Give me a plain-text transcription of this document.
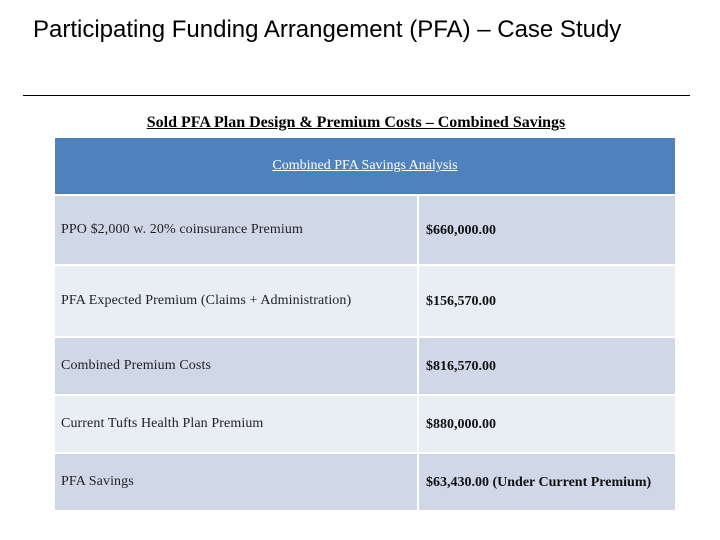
Participating Funding Arrangement (PFA) – Case Study
Sold PFA Plan Design & Premium Costs – Combined Savings
Combined PFA Savings Analysis
PPO $2,000 w. 20% coinsurance Premium	$660,000.00
PFA Expected Premium (Claims + Administration)	$156,570.00
Combined Premium Costs	$816,570.00
Current Tufts Health Plan Premium	$880,000.00
PFA Savings	$63,430.00 (Under Current Premium)
